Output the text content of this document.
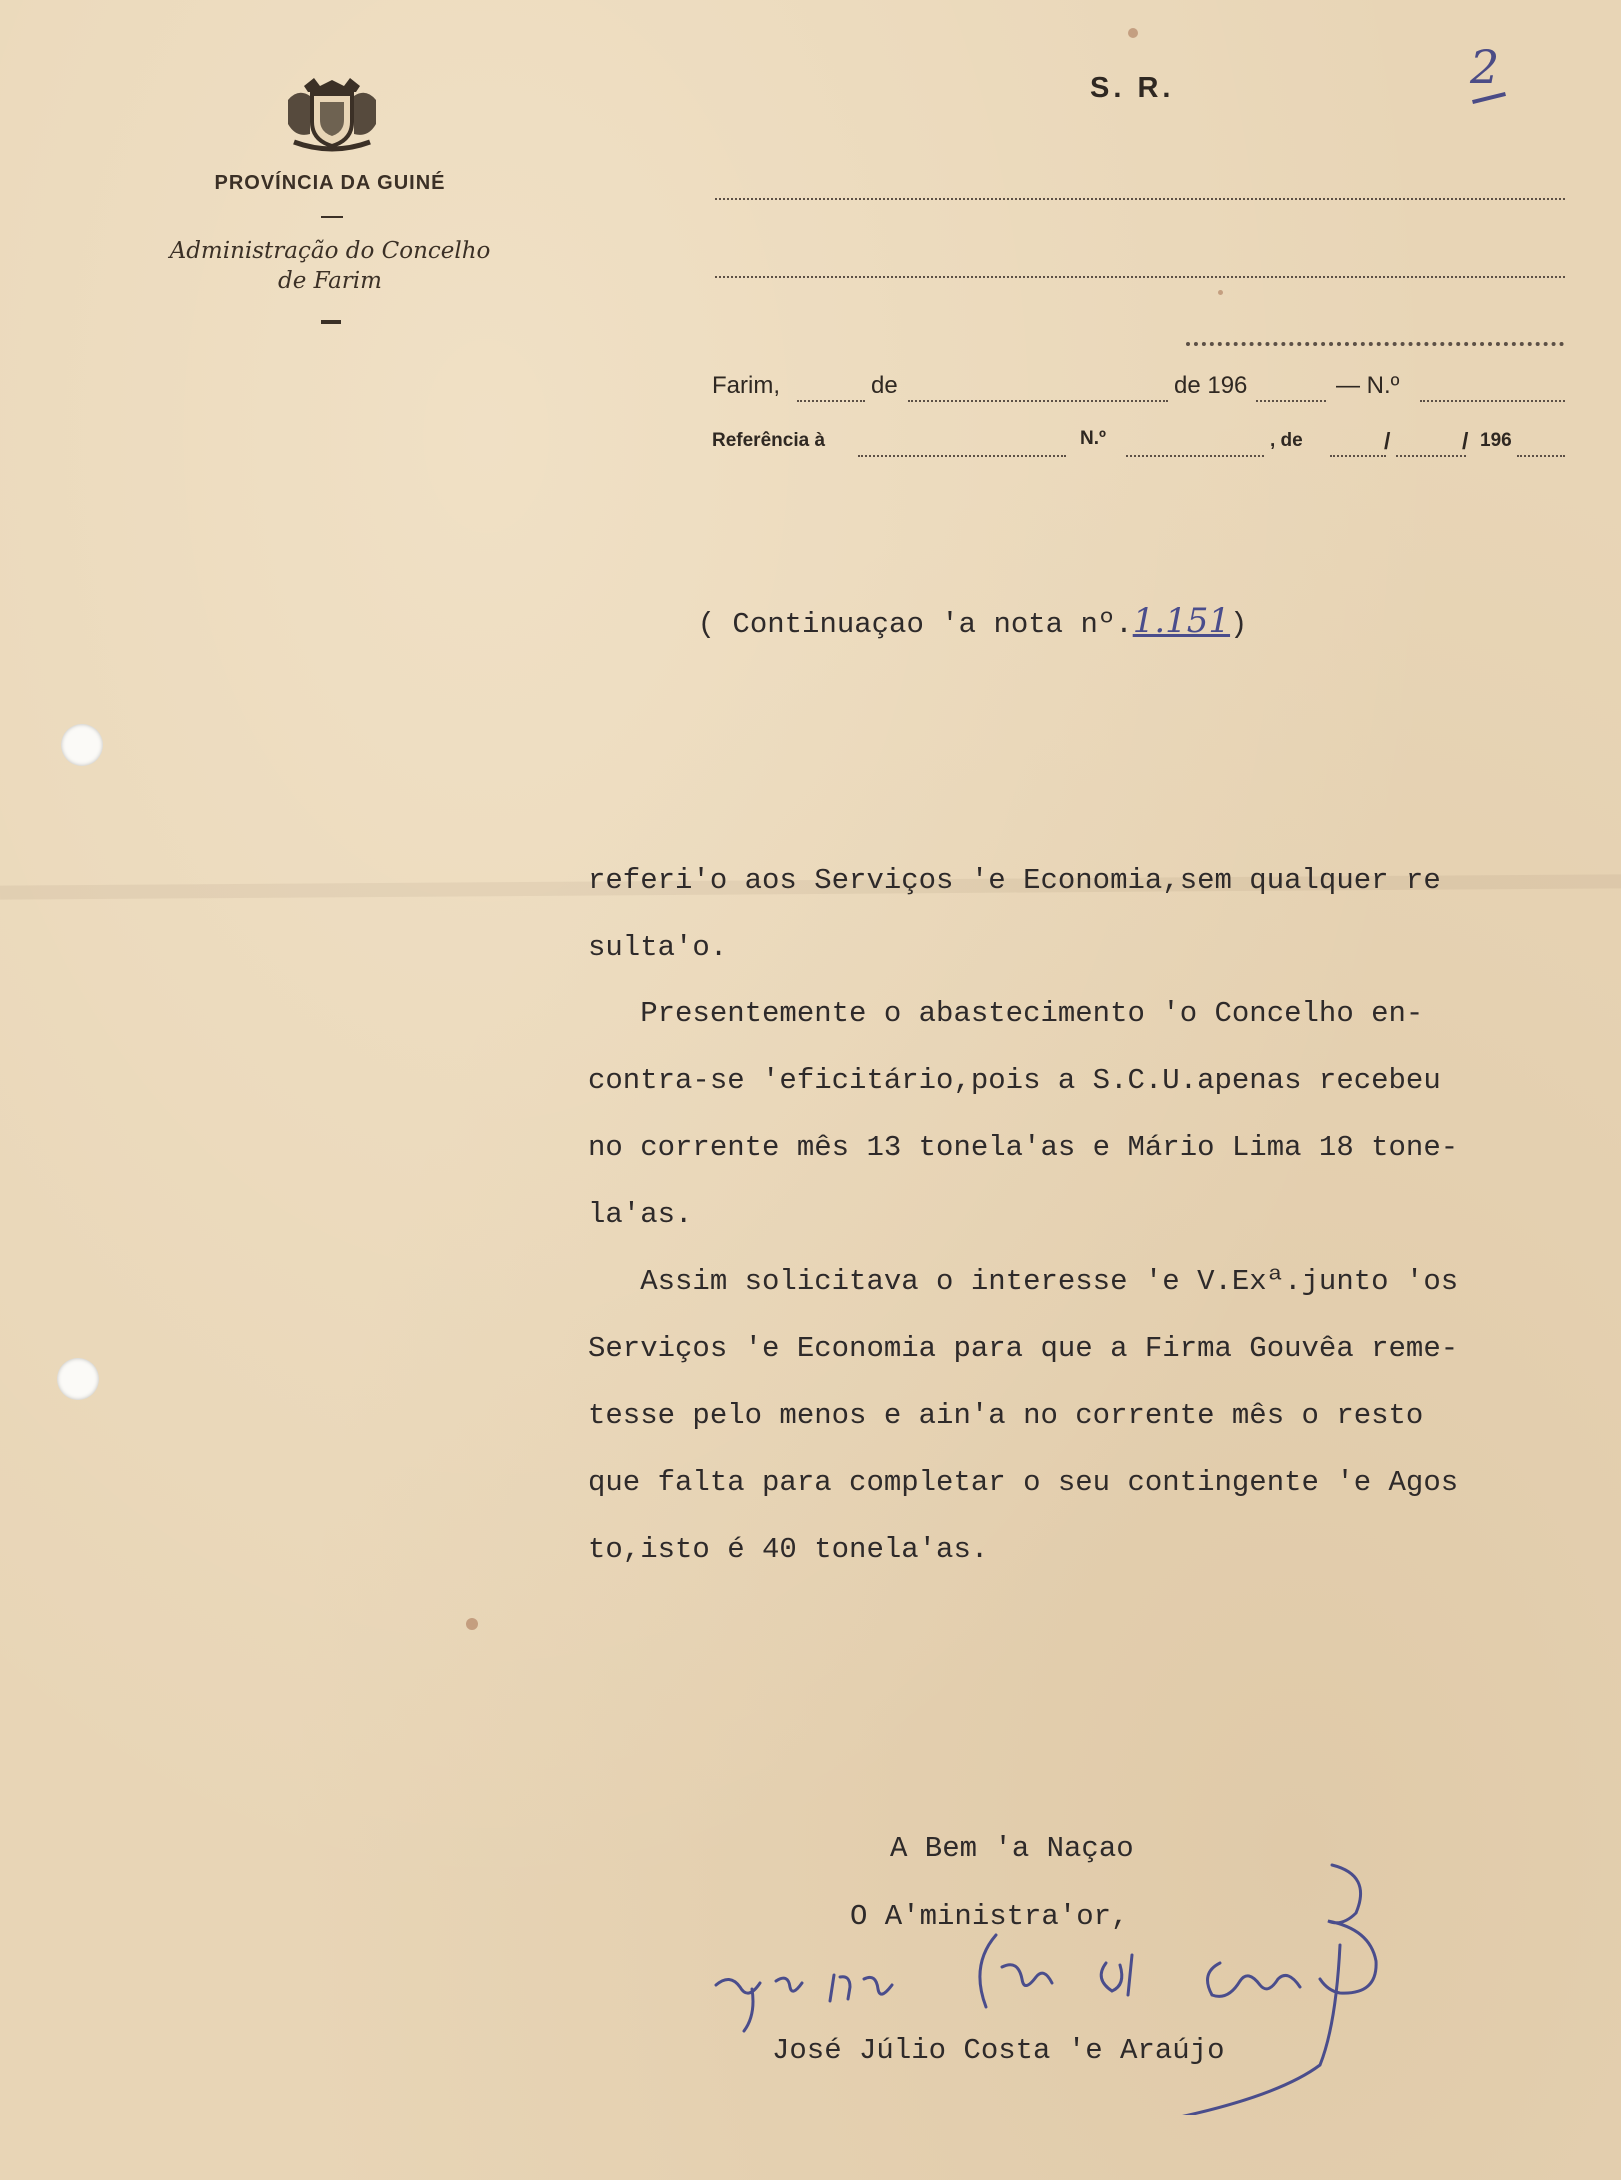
PROVÍNCIA DA GUINÉ
Administração do Concelho
de Farim
S. R.	2
Farim,	de	de 196	— N.º
Referência à	N.º	, de	/	/ 196

( Continuaçao 'a nota nº.1.151)

referi'o aos Serviços 'e Economia,sem qualquer re
sulta'o.
Presentemente o abastecimento 'o Concelho en-
contra-se 'eficitário,pois a S.C.U.apenas recebeu
no corrente mês 13 tonela'as e Mário Lima 18 tone-
la'as.
Assim solicitava o interesse 'e V.Exª.junto 'os
Serviços 'e Economia para que a Firma Gouvêa reme-
tesse pelo menos e ain'a no corrente mês o resto
que falta para completar o seu contingente 'e Agos
to,isto é 40 tonela'as.
A Bem 'a Naçao
O A'ministra'or,
José Júlio Costa 'e Araújo
